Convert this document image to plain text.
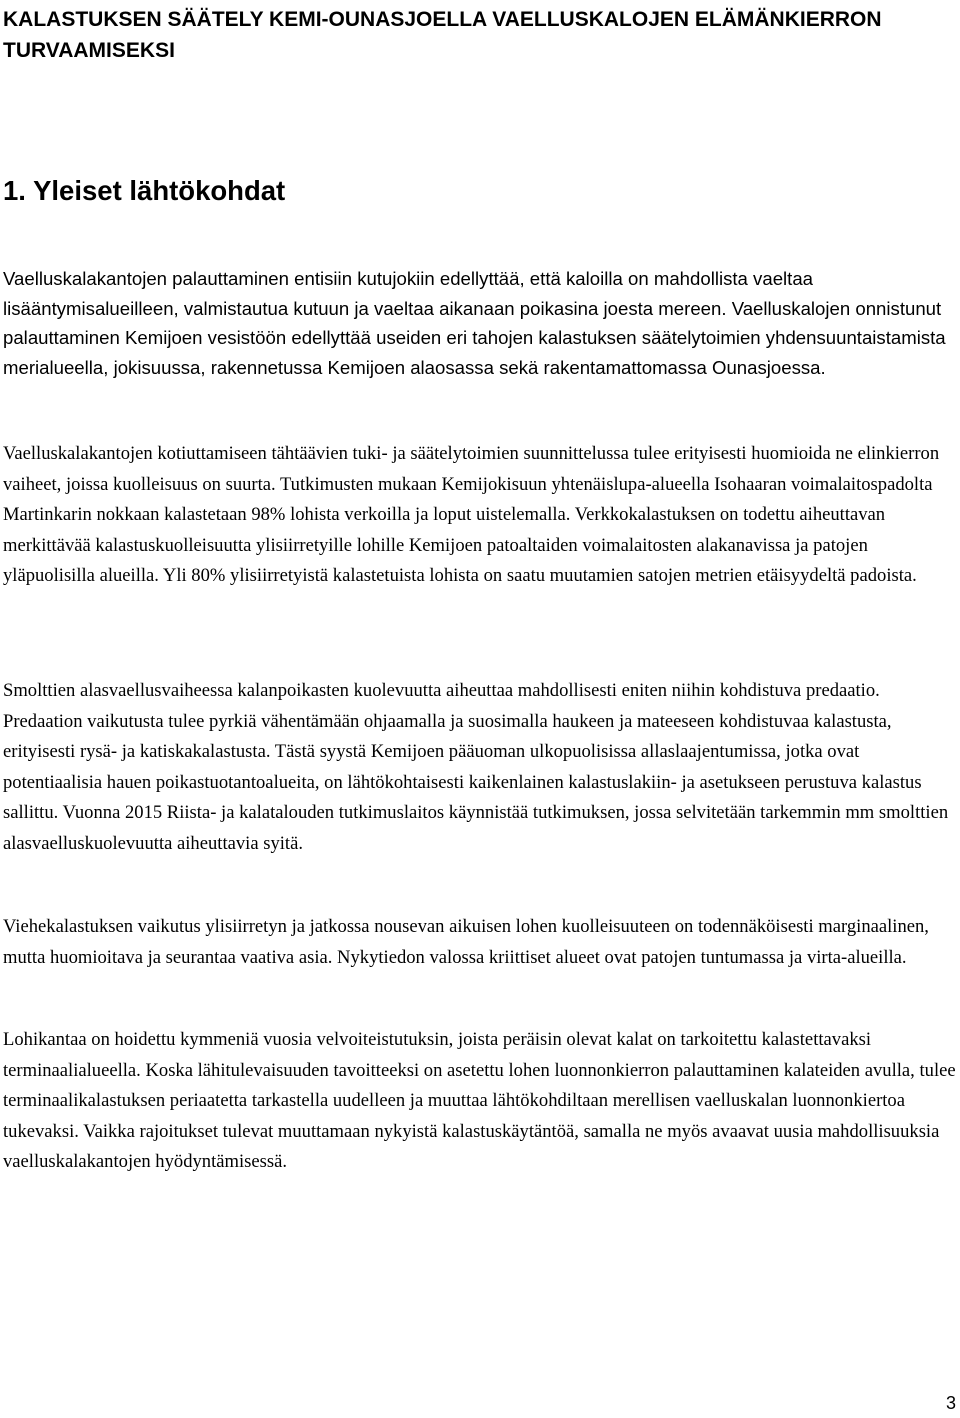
KALASTUKSEN SÄÄTELY KEMI-OUNASJOELLA VAELLUSKALOJEN ELÄMÄNKIERRON TURVAAMISEKSI
1. Yleiset lähtökohdat

Vaelluskalakantojen palauttaminen entisiin kutujokiin edellyttää, että kaloilla on mahdollista vaeltaa lisääntymisalueilleen, valmistautua kutuun ja vaeltaa aikanaan poikasina joesta mereen. Vaelluskalojen onnistunut palauttaminen Kemijoen vesistöön edellyttää useiden eri tahojen kalastuksen säätelytoimien yhdensuuntaistamista merialueella, jokisuussa, rakennetussa Kemijoen alaosassa sekä rakentamattomassa Ounasjoessa.

Vaelluskalakantojen kotiuttamiseen tähtäävien tuki- ja säätelytoimien suunnittelussa tulee erityisesti huomioida ne elinkierron vaiheet, joissa kuolleisuus on suurta. Tutkimusten mukaan Kemijokisuun yhtenäislupa-alueella Isohaaran voimalaitospadolta Martinkarin nokkaan kalastetaan 98% lohista verkoilla ja loput uistelemalla. Verkkokalastuksen on todettu aiheuttavan merkittävää kalastuskuolleisuutta ylisiirretyille lohille Kemijoen patoaltaiden voimalaitosten alakanavissa ja patojen yläpuolisilla alueilla. Yli 80% ylisiirretyistä kalastetuista lohista on saatu muutamien satojen metrien etäisyydeltä padoista.

Smolttien alasvaellusvaiheessa kalanpoikasten kuolevuutta aiheuttaa mahdollisesti eniten niihin kohdistuva predaatio. Predaation vaikutusta tulee pyrkiä vähentämään ohjaamalla ja suosimalla haukeen ja mateeseen kohdistuvaa kalastusta, erityisesti rysä- ja katiskakalastusta. Tästä syystä Kemijoen pääuoman ulkopuolisissa allaslaajentumissa, jotka ovat potentiaalisia hauen poikastuotantoalueita, on lähtökohtaisesti kaikenlainen kalastuslakiin- ja asetukseen perustuva kalastus sallittu. Vuonna 2015 Riista- ja kalatalouden tutkimuslaitos käynnistää tutkimuksen, jossa selvitetään tarkemmin mm smolttien alasvaelluskuolevuutta aiheuttavia syitä.

Viehekalastuksen vaikutus ylisiirretyn ja jatkossa nousevan aikuisen lohen kuolleisuuteen on todennäköisesti marginaalinen, mutta huomioitava ja seurantaa vaativa asia. Nykytiedon valossa kriittiset alueet ovat patojen tuntumassa ja virta-alueilla.

Lohikantaa on hoidettu kymmeniä vuosia velvoiteistutuksin, joista peräisin olevat kalat on tarkoitettu kalastettavaksi terminaalialueella. Koska lähitulevaisuuden tavoitteeksi on asetettu lohen luonnonkierron palauttaminen kalateiden avulla, tulee terminaalikalastuksen periaatetta tarkastella uudelleen ja muuttaa lähtökohdiltaan merellisen vaelluskalan luonnonkiertoa tukevaksi. Vaikka rajoitukset tulevat muuttamaan nykyistä kalastuskäytäntöä, samalla ne myös avaavat uusia mahdollisuuksia vaelluskalakantojen hyödyntämisessä.

3
